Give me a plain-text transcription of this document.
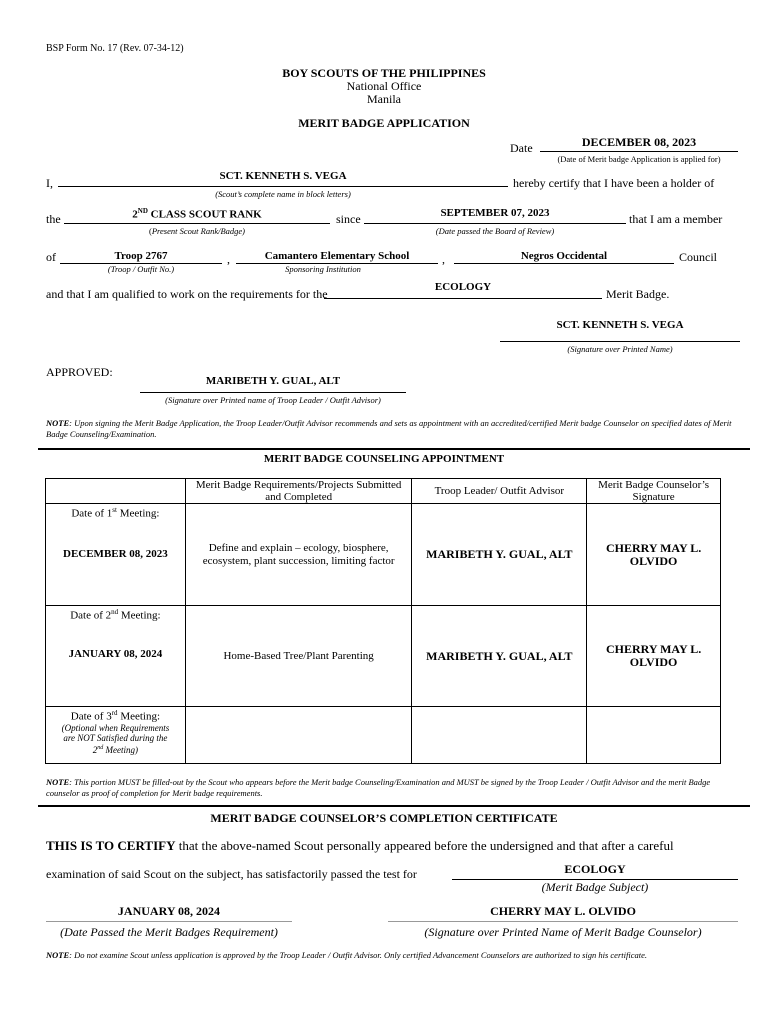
BSP Form No. 17 (Rev. 07-34-12)
BOY SCOUTS OF THE PHILIPPINES
National Office
Manila
MERIT BADGE APPLICATION
Date	DECEMBER 08, 2023
(Date of Merit badge Application is applied for)
I,	SCT. KENNETH S. VEGA
(Scout’s complete name in block letters)
hereby certify that I have been a holder of
the	2ND CLASS SCOUT RANK
(Present Scout Rank/Badge)
since	SEPTEMBER 07, 2023
(Date passed the Board of Review)
that I am a member
of	Troop 2767
(Troop / Outfit No.)
,	Camantero Elementary School
Sponsoring Institution
,	Negros Occidental	Council
and that I am qualified to work on the requirements for the	ECOLOGY	Merit Badge.
SCT. KENNETH S. VEGA
(Signature over Printed Name)
APPROVED:
MARIBETH Y. GUAL, ALT
(Signature over Printed name of Troop Leader / Outfit Advisor)
NOTE: Upon signing the Merit Badge Application, the Troop Leader/Outfit Advisor recommends and sets as appointment with an accredited/certified Merit badge Counselor on specified dates of Merit Badge Counseling/Examination.
MERIT BADGE COUNSELING APPOINTMENT
	Merit Badge Requirements/Projects Submitted and Completed	Troop Leader/ Outfit Advisor	Merit Badge Counselor’s Signature

Date of 1st Meeting:
DECEMBER 08, 2023	Define and explain – ecology, biosphere, ecosystem, plant succession, limiting factor	MARIBETH Y. GUAL, ALT	CHERRY MAY L. OLVIDO

Date of 2nd Meeting:
JANUARY 08, 2024	Home-Based Tree/Plant Parenting	MARIBETH Y. GUAL, ALT	CHERRY MAY L. OLVIDO

Date of 3rd Meeting:
(Optional when Requirements are NOT Satisfied during the 2nd Meeting)			

NOTE: This portion MUST be filled-out by the Scout who appears before the Merit badge Counseling/Examination and MUST be signed by the Troop Leader / Outfit Advisor and the merit Badge counselor as proof of completion for Merit badge requirements.
MERIT BADGE COUNSELOR’S COMPLETION CERTIFICATE
THIS IS TO CERTIFY that the above-named Scout personally appeared before the undersigned and that after a careful
examination of said Scout on the subject, has satisfactorily passed the test for	ECOLOGY
(Merit Badge Subject)
JANUARY 08, 2024
(Date Passed the Merit Badges Requirement)
CHERRY MAY L. OLVIDO
(Signature over Printed Name of Merit Badge Counselor)
NOTE: Do not examine Scout unless application is approved by the Troop Leader / Outfit Advisor. Only certified Advancement Counselors are authorized to sign his certificate.
